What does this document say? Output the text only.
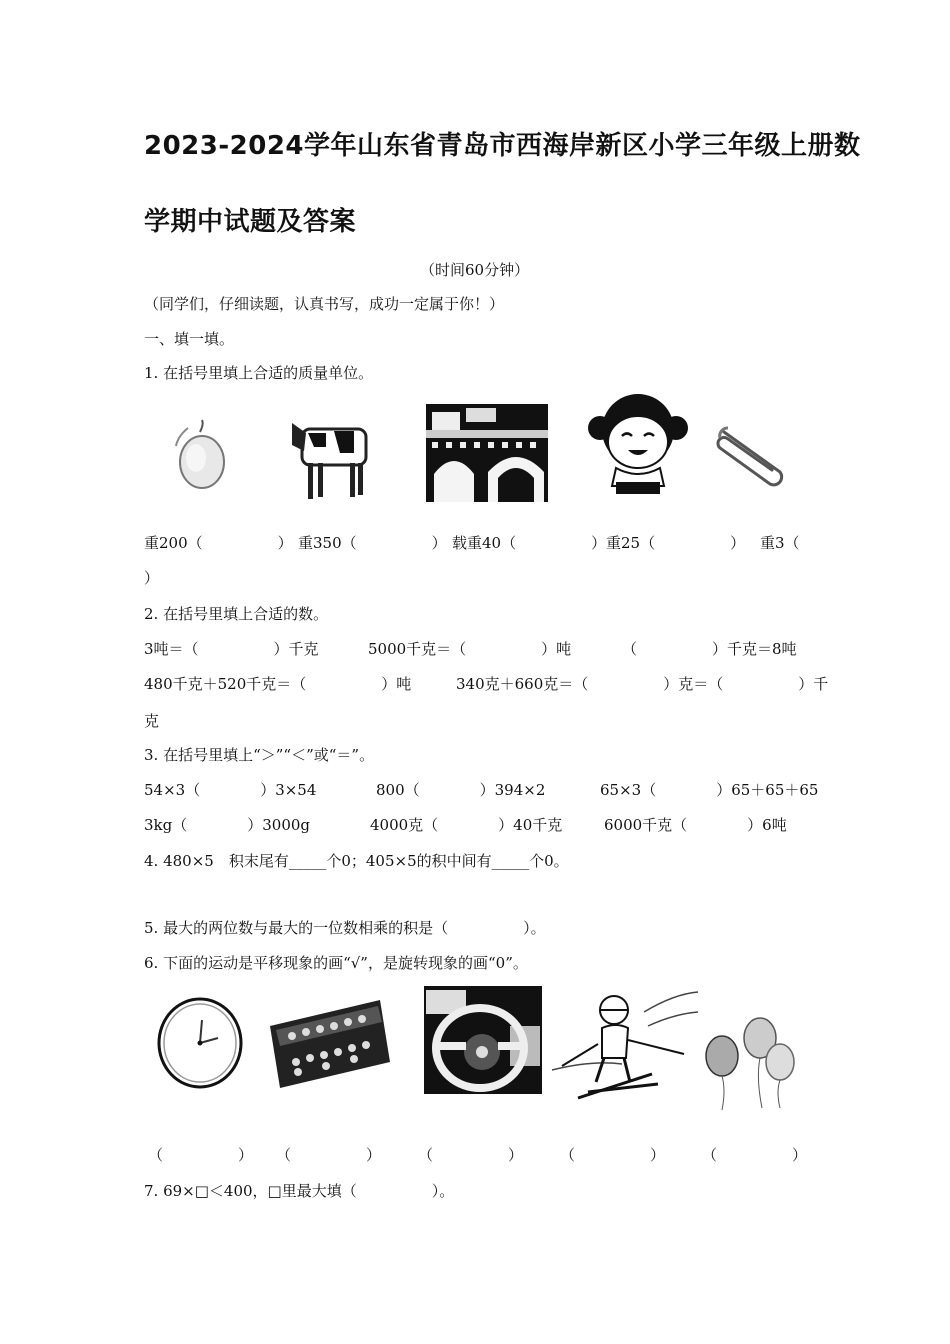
2023-2024学年山东省青岛市西海岸新区小学三年级上册数
学期中试题及答案
（时间60分钟）
（同学们，仔细读题，认真书写，成功一定属于你！）
一、填一填。
1. 在括号里填上合适的质量单位。
重200（　　　　　） 重350（　　　　　） 载重40（　　　　　） 重25（　　　　　） 重3（
）
2. 在括号里填上合适的数。
3吨＝（　　　　　）千克	5000千克＝（　　　　　）吨	（　　　　　）千克＝8吨
480千克＋520千克＝（　　　　　）吨	340克＋660克＝（　　　　　）克＝（　　　　　）千
克
3. 在括号里填上“＞”“＜”或“＝”。
54×3（　　　　）3×54	800（　　　　）394×2	65×3（　　　　）65＋65＋65
3kg（　　　　）3000g	4000克（　　　　）40千克	6000千克（　　　　）6吨
4. 480×5　积末尾有_____个0；405×5的积中间有_____个0。
5. 最大的两位数与最大的一位数相乘的积是（　　　　　）。
6. 下面的运动是平移现象的画“√”，是旋转现象的画“0”。
（　　　　　） （　　　　　） （　　　　　） （　　　　　） （　　　　　）
7. 69×□＜400，□里最大填（　　　　　）。
